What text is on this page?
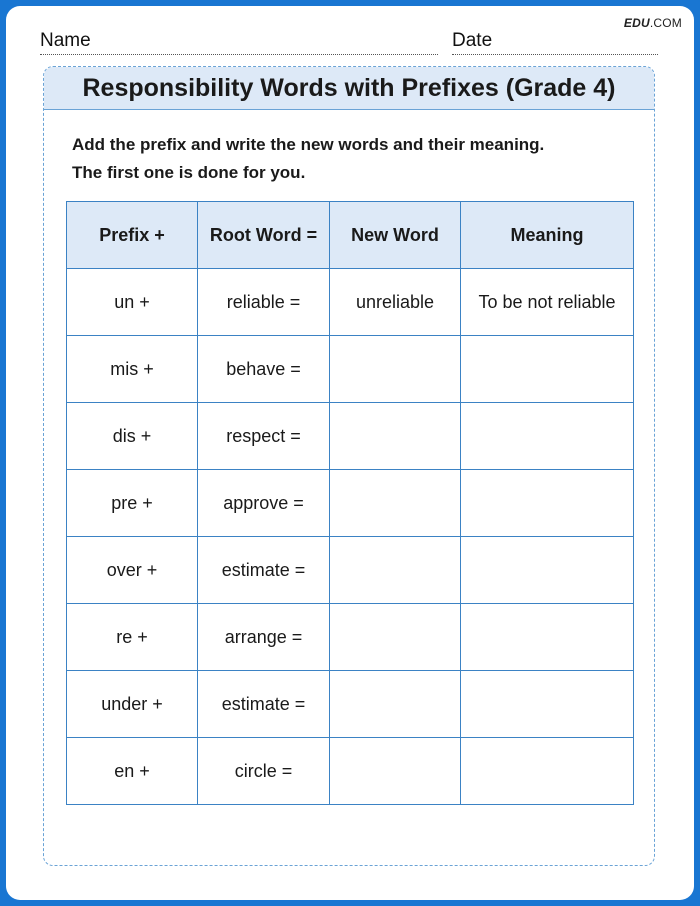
EDU.COM
Name	Date
Responsibility Words with Prefixes (Grade 4)
Add the prefix and write the new words and their meaning.
The first one is done for you.
Prefix +	Root Word =	New Word	Meaning
un +	reliable =	unreliable	To be not reliable
mis +	behave =		
dis +	respect =		
pre +	approve =		
over +	estimate =		
re +	arrange =		
under +	estimate =		
en +	circle =		
